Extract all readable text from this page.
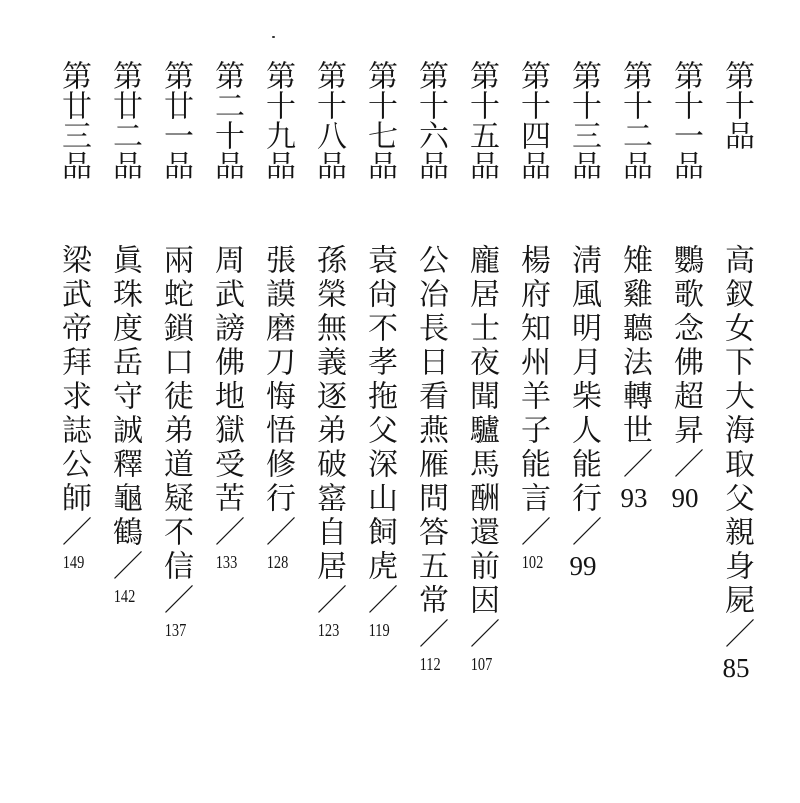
第十品
高釵女下大海取父親身屍／
85
第十一品
鸚歌念佛超昇／
90
第十二品
雉雞聽法轉世／
93
第十三品
淸風明月柴人能行／
99
第十四品
楊府知州羊子能言／
102
第十五品
龐居士夜聞驢馬酬還前因／
107
第十六品
公冶長日看燕雁問答五常／
112
第十七品
袁尙不孝拖父深山飼虎／
119
第十八品
孫榮無義逐弟破窰自居／
123
第十九品
張謨磨刀悔悟修行／
128
第二十品
周武謗佛地獄受苦／
133
第廿一品
兩蛇鎖口徒弟道疑不信／
137
第廿二品
眞珠度岳守誠釋龜鶴／
142
第廿三品
梁武帝拜求誌公師／
149
